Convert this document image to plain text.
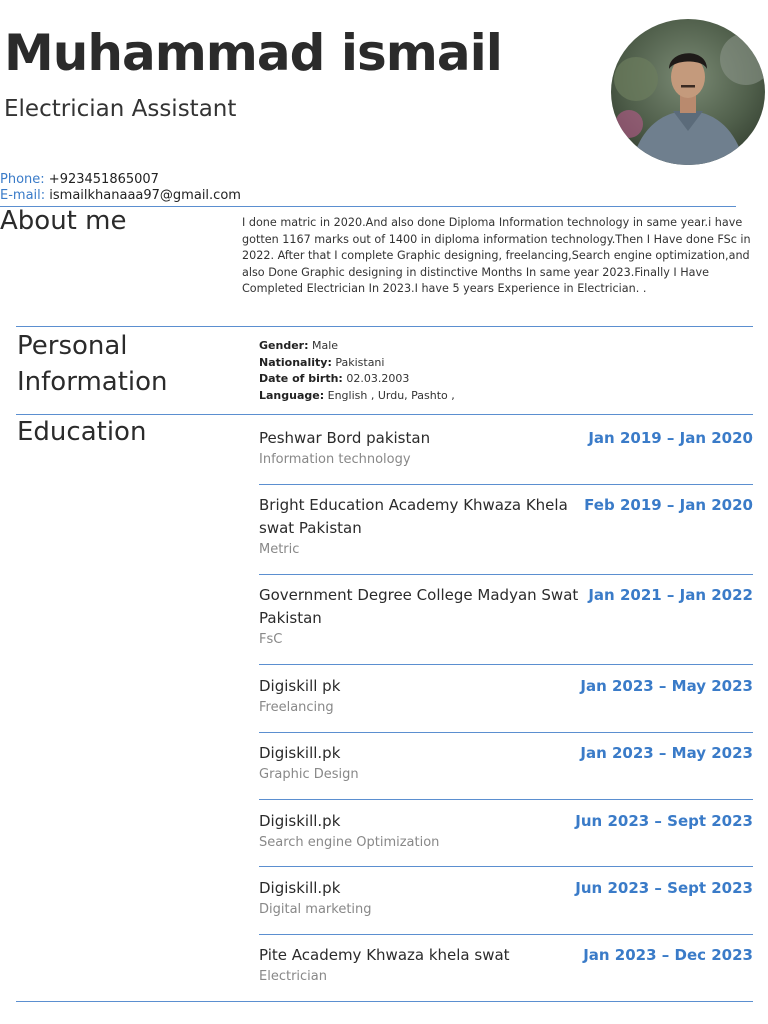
Muhammad ismail
Electrician Assistant
Phone: +923451865007
E-mail: ismailkhanaaa97@gmail.com
About me	I done matric in 2020.And also done Diploma Information technology in same year.i have gotten 1167 marks out of 1400 in diploma information technology.Then I Have done FSc in 2022. After that I complete Graphic designing, freelancing,Search engine optimization,and also Done Graphic designing in distinctive Months In same year 2023.Finally I Have Completed Electrician In 2023.I have 5 years Experience in Electrician. .
Personal
Information
Gender: Male
Nationality: Pakistani
Date of birth: 02.03.2003
Language: English , Urdu, Pashto ,
Education	Peshwar Bord pakistan
Information technology
Jan 2019 – Jan 2020
Bright Education Academy Khwaza Khela swat Pakistan
Metric
Feb 2019 – Jan 2020
Government Degree College Madyan Swat Pakistan
FsC
Jan 2021 – Jan 2022
Digiskill pk
Freelancing
Jan 2023 – May 2023
Digiskill.pk
Graphic Design
Jan 2023 – May 2023
Digiskill.pk
Search engine Optimization
Jun 2023 – Sept 2023
Digiskill.pk
Digital marketing
Jun 2023 – Sept 2023
Pite Academy Khwaza khela swat
Electrician
Jan 2023 – Dec 2023
